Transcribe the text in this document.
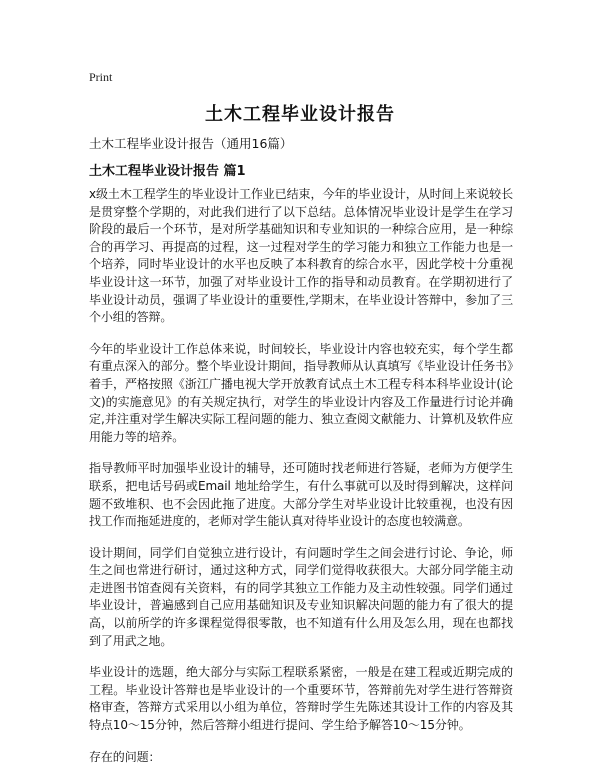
Print
土木工程毕业设计报告
土木工程毕业设计报告（通用16篇）
土木工程毕业设计报告 篇1

x级土木工程学生的毕业设计工作业已结束，今年的毕业设计，从时间上来说较长是贯穿整个学期的，对此我们进行了以下总结。总体情况毕业设计是学生在学习阶段的最后一个环节，是对所学基础知识和专业知识的一种综合应用，是一种综合的再学习、再提高的过程，这一过程对学生的学习能力和独立工作能力也是一个培养，同时毕业设计的水平也反映了本科教育的综合水平，因此学校十分重视毕业设计这一环节，加强了对毕业设计工作的指导和动员教育。在学期初进行了毕业设计动员，强调了毕业设计的重要性,学期末，在毕业设计答辩中，参加了三个小组的答辩。

今年的毕业设计工作总体来说，时间较长，毕业设计内容也较充实，每个学生都有重点深入的部分。整个毕业设计期间，指导教师从认真填写《毕业设计任务书》着手，严格按照《浙江广播电视大学开放教育试点土木工程专科本科毕业设计(论文)的实施意见》的有关规定执行，对学生的毕业设计内容及工作量进行讨论并确定,并注重对学生解决实际工程问题的能力、独立查阅文献能力、计算机及软件应用能力等的培养。

指导教师平时加强毕业设计的辅导，还可随时找老师进行答疑，老师为方便学生联系，把电话号码或Email 地址给学生，有什么事就可以及时得到解决，这样问题不致堆积、也不会因此拖了进度。大部分学生对毕业设计比较重视，也没有因找工作而拖延进度的，老师对学生能认真对待毕业设计的态度也较满意。

设计期间，同学们自觉独立进行设计，有问题时学生之间会进行讨论、争论，师生之间也常进行研讨，通过这种方式，同学们觉得收获很大。大部分同学能主动走进图书馆查阅有关资料，有的同学其独立工作能力及主动性较强。同学们通过毕业设计，普遍感到自己应用基础知识及专业知识解决问题的能力有了很大的提高，以前所学的许多课程觉得很零散，也不知道有什么用及怎么用，现在也都找到了用武之地。

毕业设计的选题，绝大部分与实际工程联系紧密，一般是在建工程或近期完成的工程。毕业设计答辩也是毕业设计的一个重要环节，答辩前先对学生进行答辩资格审查，答辩方式采用以小组为单位，答辩时学生先陈述其设计工作的内容及其特点10～15分钟，然后答辩小组进行提问、学生给予解答10～15分钟。

存在的问题：
